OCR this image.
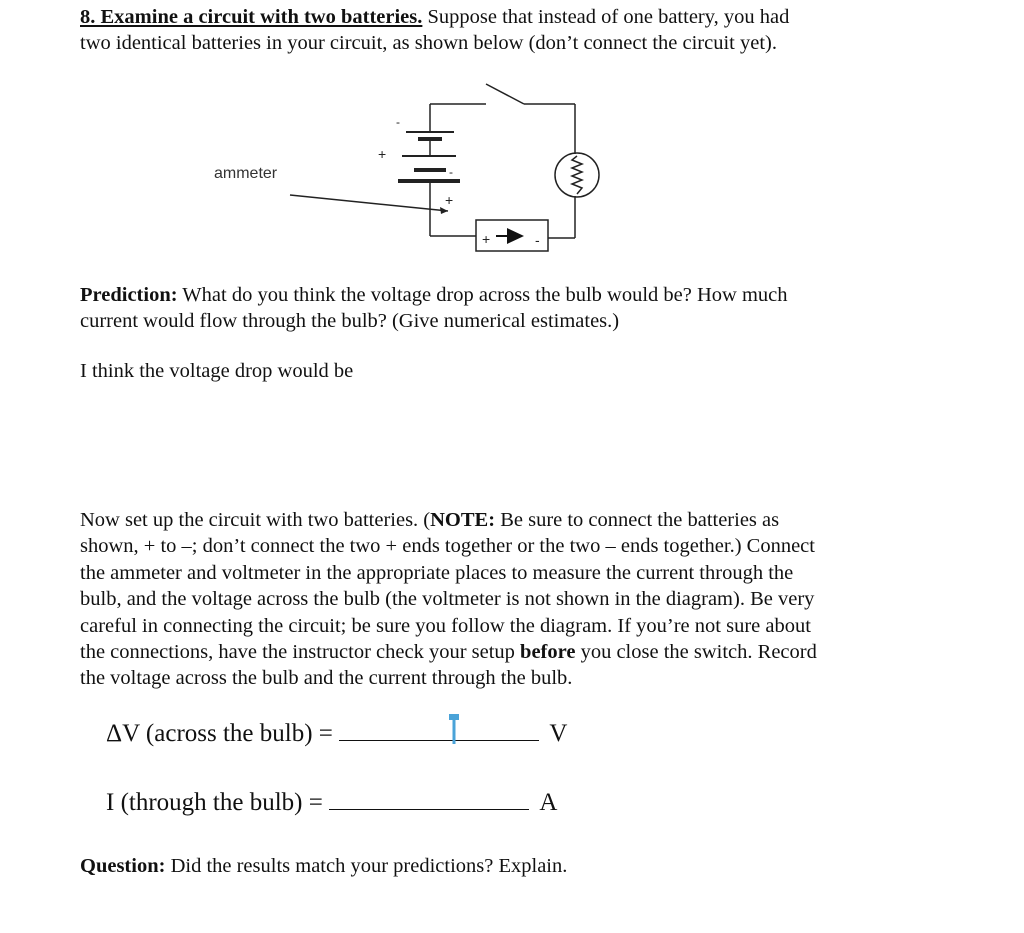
8. Examine a circuit with two batteries. Suppose that instead of one battery, you had
two identical batteries in your circuit, as shown below (don’t connect the circuit yet).
ammeter
-
+
-
+
+	-
Prediction: What do you think the voltage drop across the bulb would be? How much
current would flow through the bulb? (Give numerical estimates.)
I think the voltage drop would be
Now set up the circuit with two batteries. (NOTE: Be sure to connect the batteries as
shown, + to –; don’t connect the two + ends together or the two – ends together.) Connect
the ammeter and voltmeter in the appropriate places to measure the current through the
bulb, and the voltage across the bulb (the voltmeter is not shown in the diagram). Be very
careful in connecting the circuit; be sure you follow the diagram. If you’re not sure about
the connections, have the instructor check your setup before you close the switch. Record
the voltage across the bulb and the current through the bulb.
ΔV (across the bulb) =	V
I (through the bulb) =	A
Question: Did the results match your predictions? Explain.
